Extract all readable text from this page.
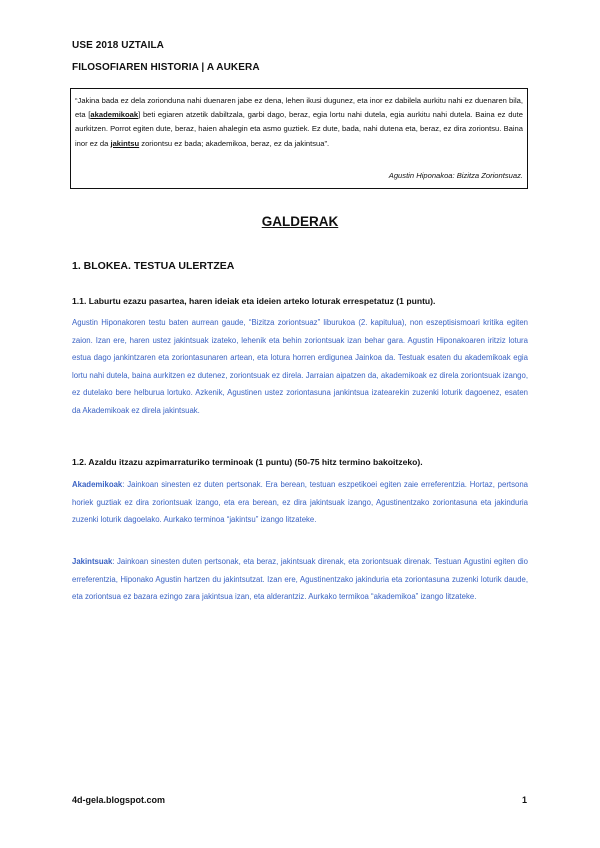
USE 2018 UZTAILA
FILOSOFIAREN HISTORIA | A AUKERA
“Jakina bada ez dela zorionduna nahi duenaren jabe ez dena, lehen ikusi dugunez, eta inor ez dabilela aurkitu nahi ez duenaren bila, eta [akademikoak] beti egiaren atzetik dabiltzala, garbi dago, beraz, egia lortu nahi dutela, egia aurkitu nahi dutela. Baina ez dute aurkitzen. Porrot egiten dute, beraz, haien ahalegin eta asmo guztiek. Ez dute, bada, nahi dutena eta, beraz, ez dira zoriontsu. Baina inor ez da jakintsu zoriontsu ez bada; akademikoa, beraz, ez da jakintsua”.
Agustin Hiponakoa: Bizitza Zoriontsuaz.
GALDERAK
1. BLOKEA. TESTUA ULERTZEA
1.1. Laburtu ezazu pasartea, haren ideiak eta ideien arteko loturak errespetatuz (1 puntu).
Agustin Hiponakoren testu baten aurrean gaude, “Bizitza zoriontsuaz” liburukoa (2. kapitulua), non eszeptisismoari kritika egiten zaion. Izan ere, haren ustez jakintsuak izateko, lehenik eta behin zoriontsuak izan behar gara. Agustin Hiponakoaren iritziz lotura estua dago jankintzaren eta zoriontasunaren artean, eta lotura horren erdigunea Jainkoa da. Testuak esaten du akademikoak egia lortu nahi dutela, baina aurkitzen ez dutenez, zoriontsuak ez direla. Jarraian aipatzen da, akademikoak ez direla zoriontsuak izango, ez dutelako bere helburua lortuko. Azkenik, Agustinen ustez zoriontasuna jankintsua izatearekin zuzenki loturik dagoenez, esaten da Akademikoak ez direla jakintsuak.
1.2. Azaldu itzazu azpimarraturiko terminoak (1 puntu) (50-75 hitz termino bakoitzeko).
Akademikoak: Jainkoan sinesten ez duten pertsonak. Era berean, testuan eszpetikoei egiten zaie erreferentzia. Hortaz, pertsona horiek guztiak ez dira zoriontsuak izango, eta era berean, ez dira jakintsuak izango, Agustinentzako zoriontasuna eta jakinduria zuzenki loturik dagoelako. Aurkako terminoa “jakintsu” izango litzateke.
Jakintsuak: Jainkoan sinesten duten pertsonak, eta beraz, jakintsuak direnak, eta zoriontsuak direnak. Testuan Agustini egiten dio erreferentzia, Hiponako Agustin hartzen du jakintsutzat. Izan ere, Agustinentzako jakinduria eta zoriontasuna zuzenki loturik daude, eta zoriontsua ez bazara ezingo zara jakintsua izan, eta alderantziz. Aurkako termikoa “akademikoa” izango litzateke.
4d-gela.blogspot.com	1
